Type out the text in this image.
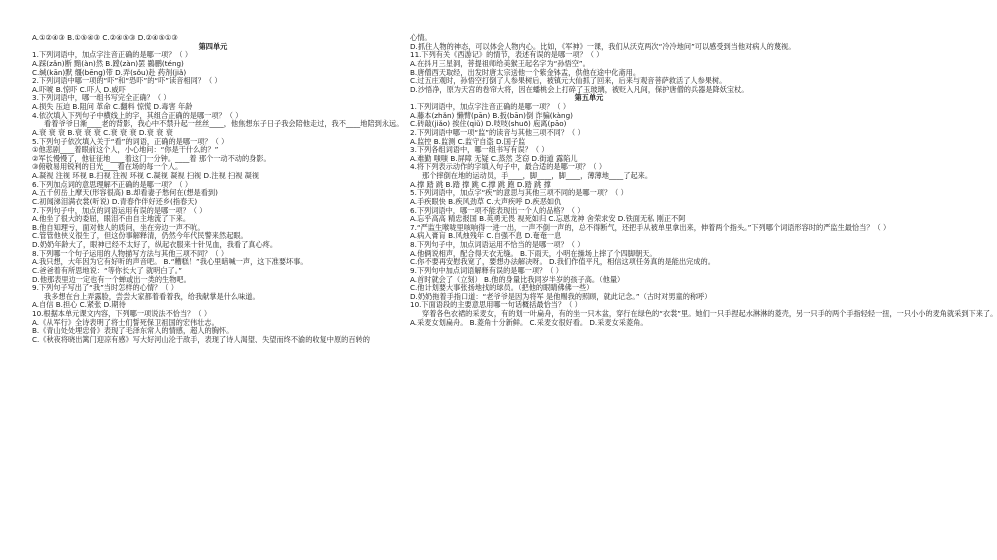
A.①②④③ B.①⑤④③ C.②④⑤③ D.②④⑤①③
第四单元
1.下列词语中，加点字注音正确的是哪一项？（ ）
A.踩(zǎn)断 黯(àn)然 B.蹚(zàn)罢 鷃鹏(téng)
C.缄(kān)默 缰(bēng)带 D.弄(sǒu)赴 药剂(jiǎ)
2.下列词语中哪一项的“吓”和“恐吓”的“吓”读音相同？（ ）
A.吓唬 B.惊吓 C.吓人 D.威吓
3.下列词语中，哪一组书写完全正确？（ ）
A.损失 压迫 B.阻问 革命 C.翻料 惊慌 D.毒害 年龄
4.依次填入下列句子中横线上的字，其组合正确的是哪一项？（ ）
看着爷爷日渐____老的背影，我心中不禁升起一丝丝____，他焦想东子日子我会陪他走过，我不____地陪到永远。
A.衰 衰 衰 B.衰 衰 衰 C.衰 衰 衰 D.衰 衰 衰
5.下列句子依次填入关于“看”的词语，正确的是哪一项？（ ）
①他悲剧____着眼前这个人，小心地问：“你是干什么的？”
②军长慢慢了，他征征地____着这门一分钟。____着 那个一动不动的身影。
③俯敬易用锐利的目光____看在场的每一个人。
A.凝视 注视 环视 B.扫视 注视 环视 C.凝视 凝视 扫视 D.注视 扫视 凝视
6.下列加点词的意思理解不正确的是哪一项？（ ）
A.五千仞岳上摩天(形容很高) B.却看妻子愁何在(想是看到)
C.初闻涕泪满衣裳(听说) D.青春作伴好还乡(指春天)
7.下列句子中，加点的词语运用有误的是哪一项？（ ）
A.他坐了很大的委屈，眼泪不由自主地流了下来。
B.他自知理亏，面对他人的质问，坐在旁边一声不吭。
C.管管他侠义很生了，但这份事解释清，仍然今年代民警来然起眼。
D.奶奶年龄大了，眼神已经不太好了，纵起衣服来十针见血，我看了真心疼。
8.下列哪一个句子运用的人物描写方法与其他三项不同？（ ）
A.我只想，大年因为它有好听的声音吧。 B.“糟糕！”我心里暗喊一声，这下准要坏事。
C.爸爸着有所思地说：“等你长大了 就明白了。”
D.他那表里边一定也有一个蝉或出一类的生物吧。
9.下列句子写出了“我”当时怎样的心情？（ ）
我多想在台上弄露脸，尝尝大家都着看着我，给我献掌是什么味道。
A.自信 B.担心 C.紧张 D.期待
10.根据本单元课文内容，下列哪一项说法不恰当？（ ）
A.《从军行》全诗表明了将士们誓死保卫祖国的宏伟壮志。
B.《青山处处埋忠骨》表现了毛泽东常人的情感，超人的胸怀。
C.《秋夜将晓出篱门迎凉有感》写大好河山沦于敌手，表现了诗人渴望、失望而终不渝的收复中原的百转的
心情。
D.抓住人物的神态，可以体会人物内心。比如，《军神》一课，我们从沃克两次“冷冷地问”可以感受到当他对病人的蔑视。
11.下列有关《西游记》的情节，表述有误的是哪一项？（ ）
A.在抖月三星洞，菩提祖师给美猴王起名字为“孙悟空”。
B.唐僧西天取经，出发时唐太宗送他一个紫金钵盂，供他在途中化斋用。
C.过五庄观时，孙悟空打倒了人参果树后，被镇元大仙抓了回来，后来与观音菩萨救活了人参果树。
D.沙悟净，原为天宫的卷帘大将，因在蟠桃会上打碎了玉玻璃，被贬入凡间，保护唐僧的兵器是降妖宝杖。
第五单元
1.下列词语中，加点字注音正确的是哪一项？（ ）
A.藤本(zhǎn) 懒臂(pān) B.扳(bān)倒 诈骗(kàng)
C.砖敲(jiǎo) 挨住(qiǔ) D.吱吱(shuō) 庖离(pāo)
2.下列词语中哪一项“监”的读音与其他三项不同？（ ）
A.监控 B.监测 C.监守自盗 D.国子监
3.下列各组词语中，哪一组书写有误？（ ）
A.难勤 嗤嗤 B.屏障 无疑 C.蒸然 芝窃 D.街道 露陷儿
4.将下列表示动作的字填入句子中，最合适的是哪一项？（ ）
那个摔倒在地的运动员，手____，脚____，脚____，薄薄地____了起来。
A.撑 踏 跳 B.踏 撑 跳 C.撑 跳 跑 D.踏 跳 撑
5.下列词语中，加点字“疾”的意思与其他三项不同的是哪一项？（ ）
A.手疾眼快 B.疾风劲草 C.大声疾呼 D.疾恶如仇
6.下列词语中，哪一项不能表现出一个人的品格？（ ）
A.忘乎高高 精忠报国 B.英勇无畏 视死如归 C.忘恩龙神 舍荣求安 D.铁面无私 刚正不阿
7.“严监生喉咙里咳响得一进一出，一声不倒一声的，总不得断气，还把手从被单里拿出来，伸着两个指头。”下列哪个词语形容时的严监生最恰当？（ ）
A.病入膏肓 B.风烛残年 C.自强不息 D.奄奄一息
8.下列句子中，加点词语运用不恰当的是哪一项？（ ）
A.他俩说相声，配合得天衣无缝。 B.下雨天，小明在操场上摔了个四脚朝天。
C.你不要再安慰我宽了，要想办法解决呀。 D.我们作值平凡，相信这项任务真的是能出完成的。
9.下列句中加点词语解释有误的是哪一项？（ ）
A.首时就会了（立刻） B.他的身量比我同岁半岁的孩子高。（他量）
C.他计划要大事张扬地找的球员。（把他的眼睛佛佛一些）
D.奶奶拖着手指口道：“老爷爷是因为将军 是他赐我的照顾，就此记念。”（古时对男童的称呼）
10.下面语段的主要意思用哪一句话概括最恰当？（ ）
穿着各色衣裙的采麦女，有的划一叶扁舟，有的坐一只木盆，穿行在绿色的“衣裳”里。她们一只手捏起水淋淋的菱壳，另一只手的两个手指轻轻一扭，一只小小的麦角就采到下来了。
A.采麦女划扁舟。 B.菱角十分新鲜。 C.采麦女很好看。 D.采麦女采菱角。
